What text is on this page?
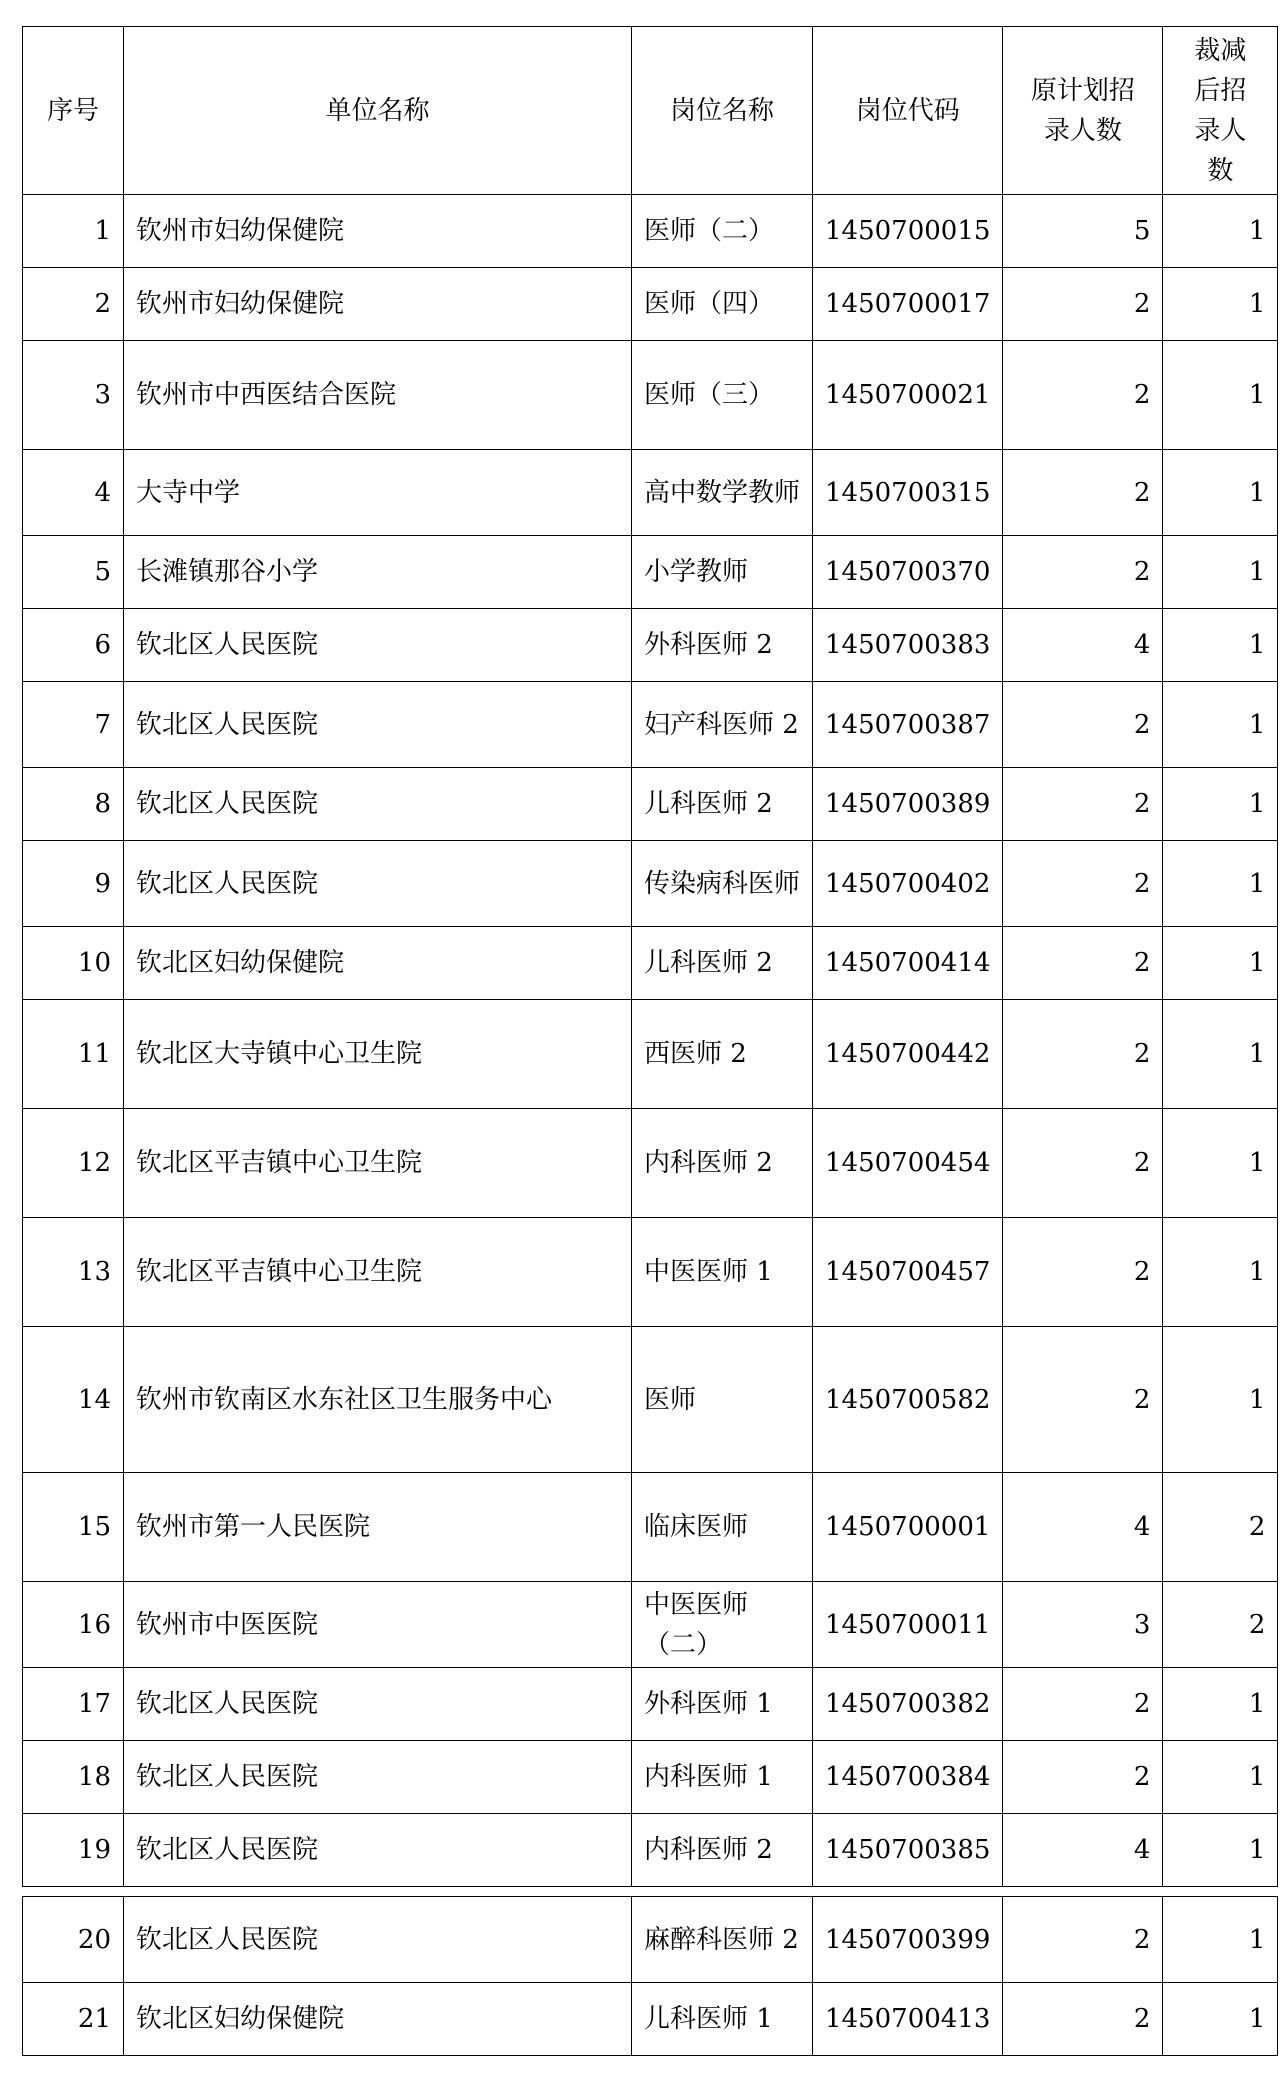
序号	单位名称	岗位名称	岗位代码	原计划招录人数	裁减后招录人数
1	钦州市妇幼保健院	医师（二）	1450700015	5	1
2	钦州市妇幼保健院	医师（四）	1450700017	2	1
3	钦州市中西医结合医院	医师（三）	1450700021	2	1
4	大寺中学	高中数学教师	1450700315	2	1
5	长滩镇那谷小学	小学教师	1450700370	2	1
6	钦北区人民医院	外科医师 2	1450700383	4	1
7	钦北区人民医院	妇产科医师 2	1450700387	2	1
8	钦北区人民医院	儿科医师 2	1450700389	2	1
9	钦北区人民医院	传染病科医师	1450700402	2	1
10	钦北区妇幼保健院	儿科医师 2	1450700414	2	1
11	钦北区大寺镇中心卫生院	西医师 2	1450700442	2	1
12	钦北区平吉镇中心卫生院	内科医师 2	1450700454	2	1
13	钦北区平吉镇中心卫生院	中医医师 1	1450700457	2	1
14	钦州市钦南区水东社区卫生服务中心	医师	1450700582	2	1
15	钦州市第一人民医院	临床医师	1450700001	4	2
16	钦州市中医医院	中医医师（二）	1450700011	3	2
17	钦北区人民医院	外科医师 1	1450700382	2	1
18	钦北区人民医院	内科医师 1	1450700384	2	1
19	钦北区人民医院	内科医师 2	1450700385	4	1
20	钦北区人民医院	麻醉科医师 2	1450700399	2	1
21	钦北区妇幼保健院	儿科医师 1	1450700413	2	1
